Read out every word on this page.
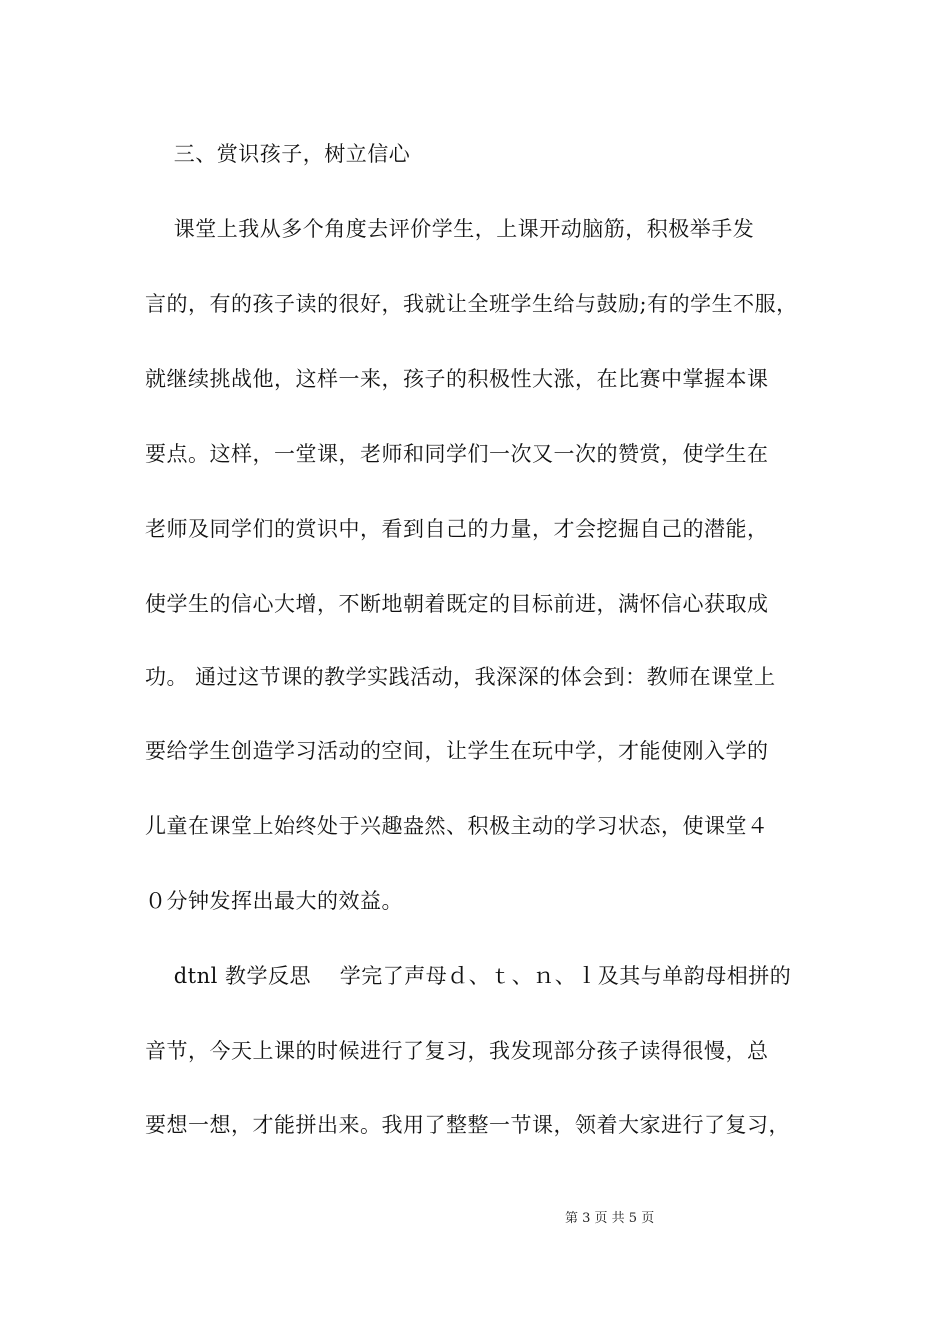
三、赏识孩子，树立信心
课堂上我从多个角度去评价学生，上课开动脑筋，积极举手发
言的，有的孩子读的很好，我就让全班学生给与鼓励;有的学生不服，
就继续挑战他，这样一来，孩子的积极性大涨，在比赛中掌握本课
要点。这样，一堂课，老师和同学们一次又一次的赞赏，使学生在
老师及同学们的赏识中，看到自己的力量，才会挖掘自己的潜能，
使学生的信心大增，不断地朝着既定的目标前进，满怀信心获取成
功。 通过这节课的教学实践活动，我深深的体会到：教师在课堂上
要给学生创造学习活动的空间，让学生在玩中学，才能使刚入学的
儿童在课堂上始终处于兴趣盎然、积极主动的学习状态，使课堂４
０分钟发挥出最大的效益。
dtnl 教学反思    学完了声母ｄ、ｔ、ｎ、ｌ及其与单韵母相拼的
音节，今天上课的时候进行了复习，我发现部分孩子读得很慢，总
要想一想，才能拼出来。我用了整整一节课，领着大家进行了复习，
第 3 页 共 5 页
